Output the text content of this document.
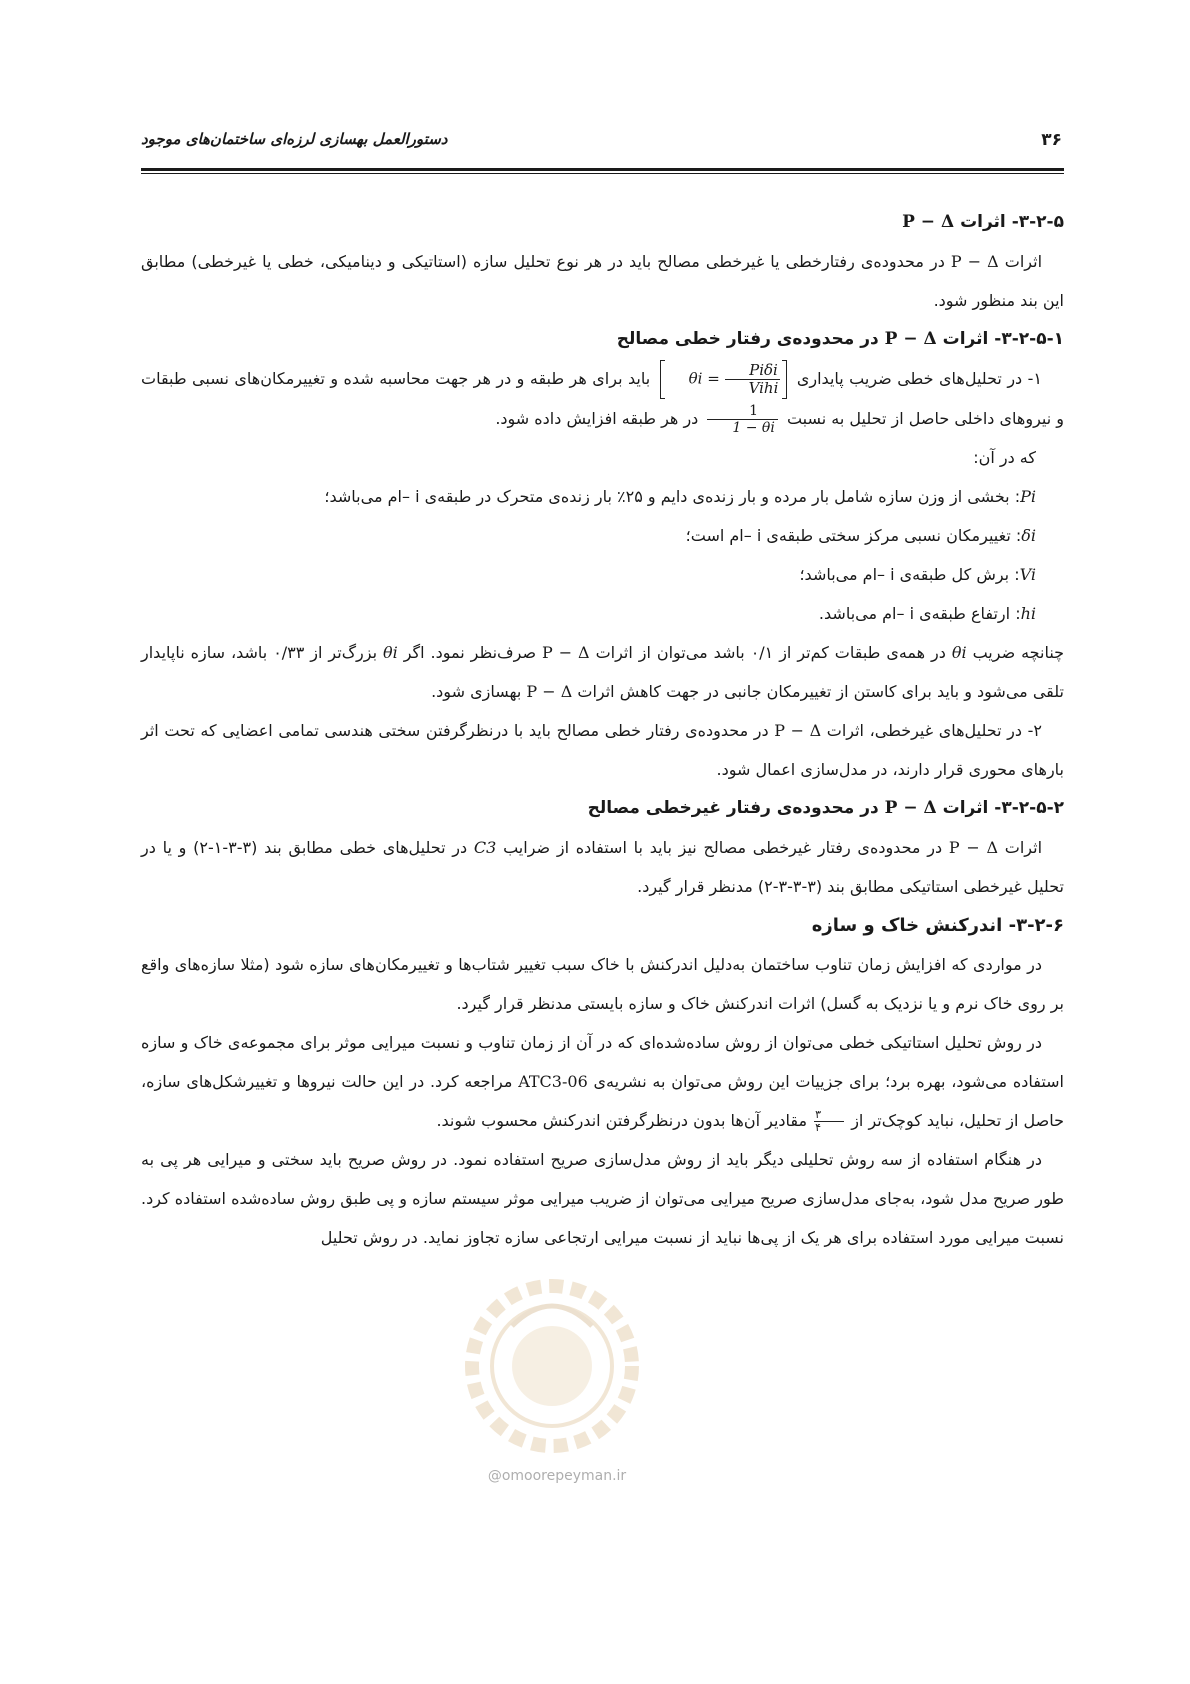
۳۶
دستورالعمل بهسازی لرزه‌ای ساختمان‌های موجود

۳-۲-۵- اثرات P − Δ

اثرات P − Δ در محدوده‌ی رفتارخطی یا غیرخطی مصالح باید در هر نوع تحلیل سازه (استاتیکی و دینامیکی، خطی یا غیرخطی) مطابق این بند منظور شود.

۳-۲-۵-۱- اثرات P − Δ در محدوده‌ی رفتار خطی مصالح

۱- در تحلیل‌های خطی ضریب پایداری $\theta i = \frac{\text{Piδi}}{\text{Vihi}}$
باید برای هر طبقه و در هر جهت محاسبه شده و تغییرمکان‌های نسبی طبقات و نیروهای داخلی حاصل از تحلیل به نسبت
$\frac{1}{1 - \theta i}$
در هر طبقه افزایش داده شود.

که در آن:

Pi: بخشی از وزن سازه شامل بار مرده و بار زنده‌ی دایم و ۲۵٪ بار زنده‌ی متحرک در طبقه‌ی i –ام می‌باشد؛

δi: تغییرمکان نسبی مرکز سختی طبقه‌ی i –ام است؛

Vi: برش کل طبقه‌ی i –ام می‌باشد؛

hi: ارتفاع طبقه‌ی i –ام می‌باشد.

چنانچه ضریب θi در همه‌ی طبقات کم‌تر از ۰/۱ باشد می‌توان از اثرات P − Δ صرف‌نظر نمود. اگر θi بزرگ‌تر از ۰/۳۳ باشد، سازه ناپایدار تلقی می‌شود و باید برای کاستن از تغییرمکان جانبی در جهت کاهش اثرات P − Δ بهسازی شود.

۲- در تحلیل‌های غیرخطی، اثرات P − Δ در محدوده‌ی رفتار خطی مصالح باید با درنظرگرفتن سختی هندسی تمامی اعضایی که تحت اثر بارهای محوری قرار دارند، در مدل‌سازی اعمال شود.

۳-۲-۵-۲- اثرات P − Δ در محدوده‌ی رفتار غیرخطی مصالح

اثرات P − Δ در محدوده‌ی رفتار غیرخطی مصالح نیز باید با استفاده از ضرایب C3 در تحلیل‌های خطی مطابق بند (۳-۳-۱-۲) و یا در تحلیل غیرخطی استاتیکی مطابق بند (۳-۳-۳-۲) مدنظر قرار گیرد.

۳-۲-۶- اندرکنش خاک و سازه

در مواردی که افزایش زمان تناوب ساختمان به‌دلیل اندرکنش با خاک سبب تغییر شتاب‌ها و تغییرمکان‌های سازه شود (مثلا سازه‌های واقع بر روی خاک نرم و یا نزدیک به گسل) اثرات اندرکنش خاک و سازه بایستی مدنظر قرار گیرد.

در روش تحلیل استاتیکی خطی می‌توان از روش ساده‌شده‌ای که در آن از زمان تناوب و نسبت میرایی موثر برای مجموعه‌ی خاک و سازه استفاده می‌شود، بهره برد؛ برای جزییات این روش می‌توان به نشریه‌ی ATC3-06 مراجعه کرد. در این حالت نیروها و تغییرشکل‌های سازه، حاصل از تحلیل، نباید کوچک‌تر از
$\frac{۳}{۴}$
مقادیر آن‌ها بدون درنظرگرفتن اندرکنش محسوب شوند.

در هنگام استفاده از سه روش تحلیلی دیگر باید از روش مدل‌سازی صریح استفاده نمود. در روش صریح باید سختی و میرایی هر پی به طور صریح مدل شود، به‌جای مدل‌سازی صریح میرایی می‌توان از ضریب میرایی موثر سیستم سازه و پی طبق روش ساده‌شده استفاده کرد. نسبت میرایی مورد استفاده برای هر یک از پی‌ها نباید از نسبت میرایی ارتجاعی سازه تجاوز نماید. در روش تحلیل

@omoorepeyman.ir
